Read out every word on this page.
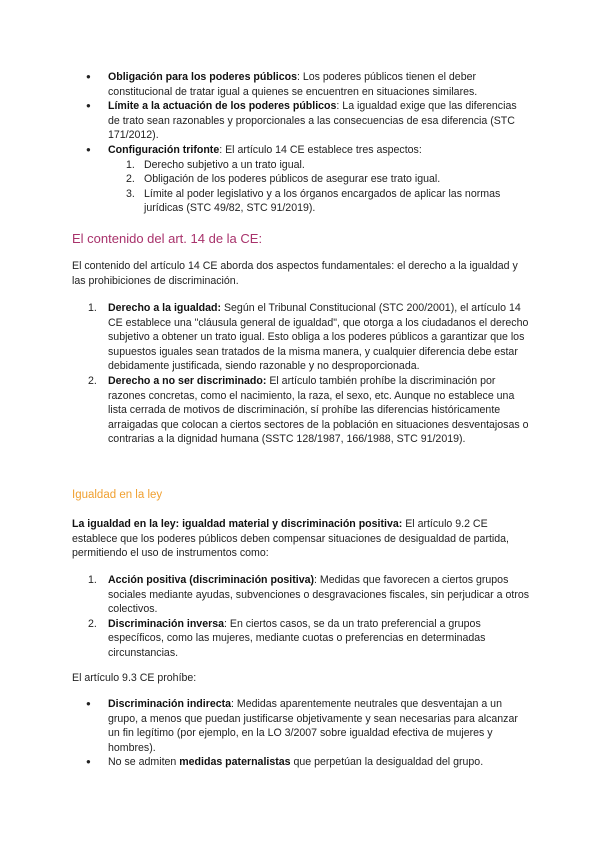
● Obligación para los poderes públicos: Los poderes públicos tienen el deber constitucional de tratar igual a quienes se encuentren en situaciones similares.
● Límite a la actuación de los poderes públicos: La igualdad exige que las diferencias de trato sean razonables y proporcionales a las consecuencias de esa diferencia (STC 171/2012).
● Configuración trifonte: El artículo 14 CE establece tres aspectos:
1. Derecho subjetivo a un trato igual.
2. Obligación de los poderes públicos de asegurar ese trato igual.
3. Límite al poder legislativo y a los órganos encargados de aplicar las normas jurídicas (STC 49/82, STC 91/2019).
El contenido del art. 14 de la CE:

El contenido del artículo 14 CE aborda dos aspectos fundamentales: el derecho a la igualdad y las prohibiciones de discriminación.

1. Derecho a la igualdad: Según el Tribunal Constitucional (STC 200/2001), el artículo 14 CE establece una "cláusula general de igualdad", que otorga a los ciudadanos el derecho subjetivo a obtener un trato igual. Esto obliga a los poderes públicos a garantizar que los supuestos iguales sean tratados de la misma manera, y cualquier diferencia debe estar debidamente justificada, siendo razonable y no desproporcionada.
2. Derecho a no ser discriminado: El artículo también prohíbe la discriminación por razones concretas, como el nacimiento, la raza, el sexo, etc. Aunque no establece una lista cerrada de motivos de discriminación, sí prohíbe las diferencias históricamente arraigadas que colocan a ciertos sectores de la población en situaciones desventajosas o contrarias a la dignidad humana (SSTC 128/1987, 166/1988, STC 91/2019).
Igualdad en la ley

La igualdad en la ley: igualdad material y discriminación positiva: El artículo 9.2 CE establece que los poderes públicos deben compensar situaciones de desigualdad de partida, permitiendo el uso de instrumentos como:

1. Acción positiva (discriminación positiva): Medidas que favorecen a ciertos grupos sociales mediante ayudas, subvenciones o desgravaciones fiscales, sin perjudicar a otros colectivos.
2. Discriminación inversa: En ciertos casos, se da un trato preferencial a grupos específicos, como las mujeres, mediante cuotas o preferencias en determinadas circunstancias.

El artículo 9.3 CE prohíbe:

● Discriminación indirecta: Medidas aparentemente neutrales que desventajan a un grupo, a menos que puedan justificarse objetivamente y sean necesarias para alcanzar un fin legítimo (por ejemplo, en la LO 3/2007 sobre igualdad efectiva de mujeres y hombres).
● No se admiten medidas paternalistas que perpetúan la desigualdad del grupo.
